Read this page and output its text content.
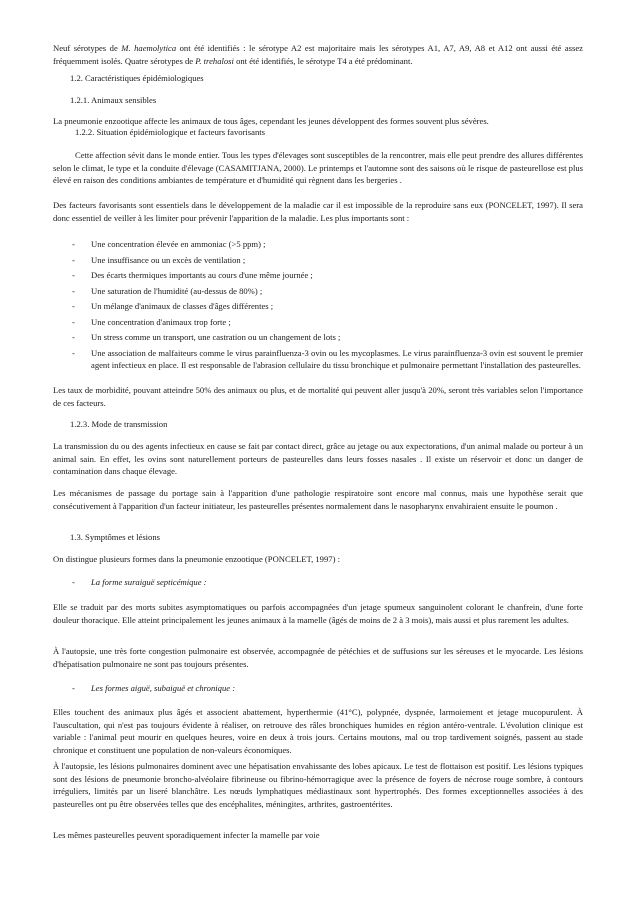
Neuf sérotypes de M. haemolytica ont été identifiés : le sérotype A2 est majoritaire mais les sérotypes A1, A7, A9, A8 et A12 ont aussi été assez fréquemment isolés. Quatre sérotypes de P. trehalosi ont été identifiés, le sérotype T4 a été prédominant.

1.2. Caractéristiques épidémiologiques

1.2.1. Animaux sensibles

La pneumonie enzootique affecte les animaux de tous âges, cependant les jeunes développent des formes souvent plus sévères.

1.2.2. Situation épidémiologique et facteurs favorisants

Cette affection sévit dans le monde entier. Tous les types d'élevages sont susceptibles de la rencontrer, mais elle peut prendre des allures différentes selon le climat, le type et la conduite d'élevage (CASAMITJANA, 2000). Le printemps et l'automne sont des saisons où le risque de pasteurellose est plus élevé en raison des conditions ambiantes de température et d'humidité qui règnent dans les bergeries .

Des facteurs favorisants sont essentiels dans le développement de la maladie car il est impossible de la reproduire sans eux (PONCELET, 1997). Il sera donc essentiel de veiller à les limiter pour prévenir l'apparition de la maladie. Les plus importants sont :

- Une concentration élevée en ammoniac (>5 ppm) ;
- Une insuffisance ou un excès de ventilation ;
- Des écarts thermiques importants au cours d'une même journée ;
- Une saturation de l'humidité (au-dessus de 80%) ;
- Un mélange d'animaux de classes d'âges différentes ;
- Une concentration d'animaux trop forte ;
- Un stress comme un transport, une castration ou un changement de lots ;
- Une association de malfaiteurs comme le virus parainfluenza-3 ovin ou les mycoplasmes. Le virus parainfluenza-3 ovin est souvent le premier agent infectieux en place. Il est responsable de l'abrasion cellulaire du tissu bronchique et pulmonaire permettant l'installation des pasteurelles.

Les taux de morbidité, pouvant atteindre 50% des animaux ou plus, et de mortalité qui peuvent aller jusqu'à 20%, seront très variables selon l'importance de ces facteurs.

1.2.3. Mode de transmission

La transmission du ou des agents infectieux en cause se fait par contact direct, grâce au jetage ou aux expectorations, d'un animal malade ou porteur à un animal sain. En effet, les ovins sont naturellement porteurs de pasteurelles dans leurs fosses nasales . Il existe un réservoir et donc un danger de contamination dans chaque élevage.

Les mécanismes de passage du portage sain à l'apparition d'une pathologie respiratoire sont encore mal connus, mais une hypothèse serait que consécutivement à l'apparition d'un facteur initiateur, les pasteurelles présentes normalement dans le nasopharynx envahiraient ensuite le poumon .

1.3. Symptômes et lésions

On distingue plusieurs formes dans la pneumonie enzootique (PONCELET, 1997) :

- La forme suraiguë septicémique :

Elle se traduit par des morts subites asymptomatiques ou parfois accompagnées d'un jetage spumeux sanguinolent colorant le chanfrein, d'une forte douleur thoracique. Elle atteint principalement les jeunes animaux à la mamelle (âgés de moins de 2 à 3 mois), mais aussi et plus rarement les adultes.

À l'autopsie, une très forte congestion pulmonaire est observée, accompagnée de pétéchies et de suffusions sur les séreuses et le myocarde. Les lésions d'hépatisation pulmonaire ne sont pas toujours présentes.

- Les formes aiguë, subaiguë et chronique :

Elles touchent des animaux plus âgés et associent abattement, hyperthermie (41°C), polypnée, dyspnée, larmoiement et jetage mucopurulent. À l'auscultation, qui n'est pas toujours évidente à réaliser, on retrouve des râles bronchiques humides en région antéro-ventrale. L'évolution clinique est variable : l'animal peut mourir en quelques heures, voire en deux à trois jours. Certains moutons, mal ou trop tardivement soignés, passent au stade chronique et constituent une population de non-valeurs économiques.

À l'autopsie, les lésions pulmonaires dominent avec une hépatisation envahissante des lobes apicaux. Le test de flottaison est positif. Les lésions typiques sont des lésions de pneumonie broncho-alvéolaire fibrineuse ou fibrino-hémorragique avec la présence de foyers de nécrose rouge sombre, à contours irréguliers, limités par un liseré blanchâtre. Les nœuds lymphatiques médiastinaux sont hypertrophés. Des formes exceptionnelles associées à des pasteurelles ont pu être observées telles que des encéphalites, méningites, arthrites, gastroentérites.

Les mêmes pasteurelles peuvent sporadiquement infecter la mamelle par voie
